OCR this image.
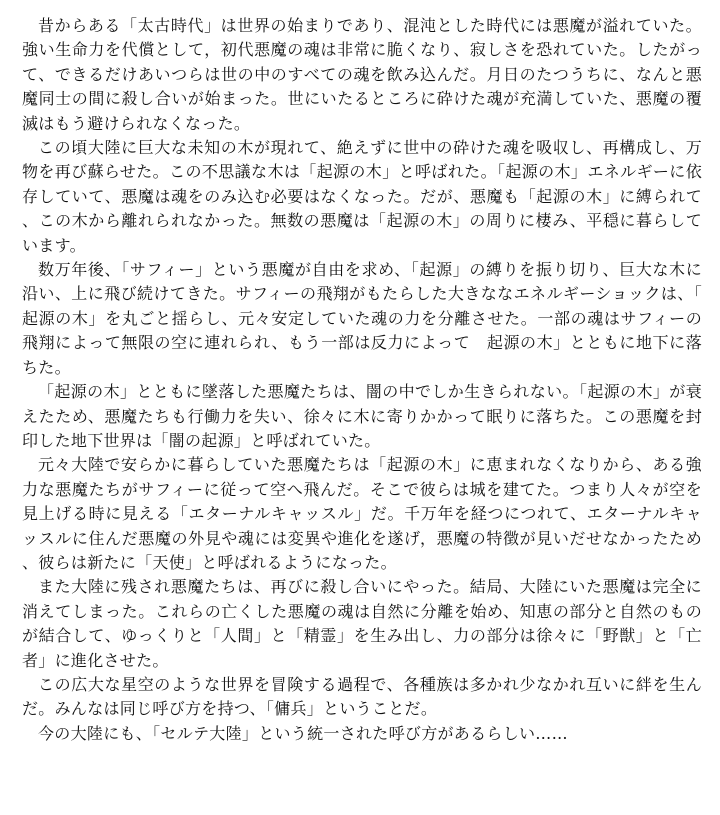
昔からある「太古時代」は世界の始まりであり、混沌とした時代には悪魔が溢れていた。強い生命力を代償として，初代悪魔の魂は非常に脆くなり、寂しさを恐れていた。したがって、できるだけあいつらは世の中のすべての魂を飲み込んだ。月日のたつうちに、なんと悪魔同士の間に殺し合いが始まった。世にいたるところに砕けた魂が充満していた、悪魔の覆滅はもう避けられなくなった。

この頃大陸に巨大な未知の木が現れて、絶えずに世中の砕けた魂を吸収し、再構成し、万物を再び蘇らせた。この不思議な木は「起源の木」と呼ばれた。「起源の木」エネルギーに依存していて、悪魔は魂をのみ込む必要はなくなった。だが、悪魔も「起源の木」に縛られて、この木から離れられなかった。無数の悪魔は「起源の木」の周りに棲み、平穏に暮らしています。

数万年後、「サフィー」という悪魔が自由を求め、「起源」の縛りを振り切り、巨大な木に沿い、上に飛び続けてきた。サフィーの飛翔がもたらした大きななエネルギーショックは、「起源の木」を丸ごと揺らし、元々安定していた魂の力を分離させた。一部の魂はサフィーの飛翔によって無限の空に連れられ、もう一部は反力によって　起源の木」とともに地下に落ちた。

「起源の木」とともに墜落した悪魔たちは、闇の中でしか生きられない。「起源の木」が衰えたため、悪魔たちも行働力を失い、徐々に木に寄りかかって眠りに落ちた。この悪魔を封印した地下世界は「闇の起源」と呼ばれていた。

元々大陸で安らかに暮らしていた悪魔たちは「起源の木」に恵まれなくなりから、ある強力な悪魔たちがサフィーに従って空へ飛んだ。そこで彼らは城を建てた。つまり人々が空を見上げる時に見える「エターナルキャッスル」だ。千万年を経つにつれて、エターナルキャッスルに住んだ悪魔の外見や魂には変異や進化を遂げ，悪魔の特徴が見いだせなかったため、彼らは新たに「天使」と呼ばれるようになった。

また大陸に残され悪魔たちは、再びに殺し合いにやった。結局、大陸にいた悪魔は完全に消えてしまった。これらの亡くした悪魔の魂は自然に分離を始め、知恵の部分と自然のものが結合して、ゆっくりと「人間」と「精霊」を生み出し、力の部分は徐々に「野獣」と「亡者」に進化させた。

この広大な星空のような世界を冒険する過程で、各種族は多かれ少なかれ互いに絆を生んだ。みんなは同じ呼び方を持つ、「傭兵」ということだ。

今の大陸にも、「セルテ大陸」という統一された呼び方があるらしい……
